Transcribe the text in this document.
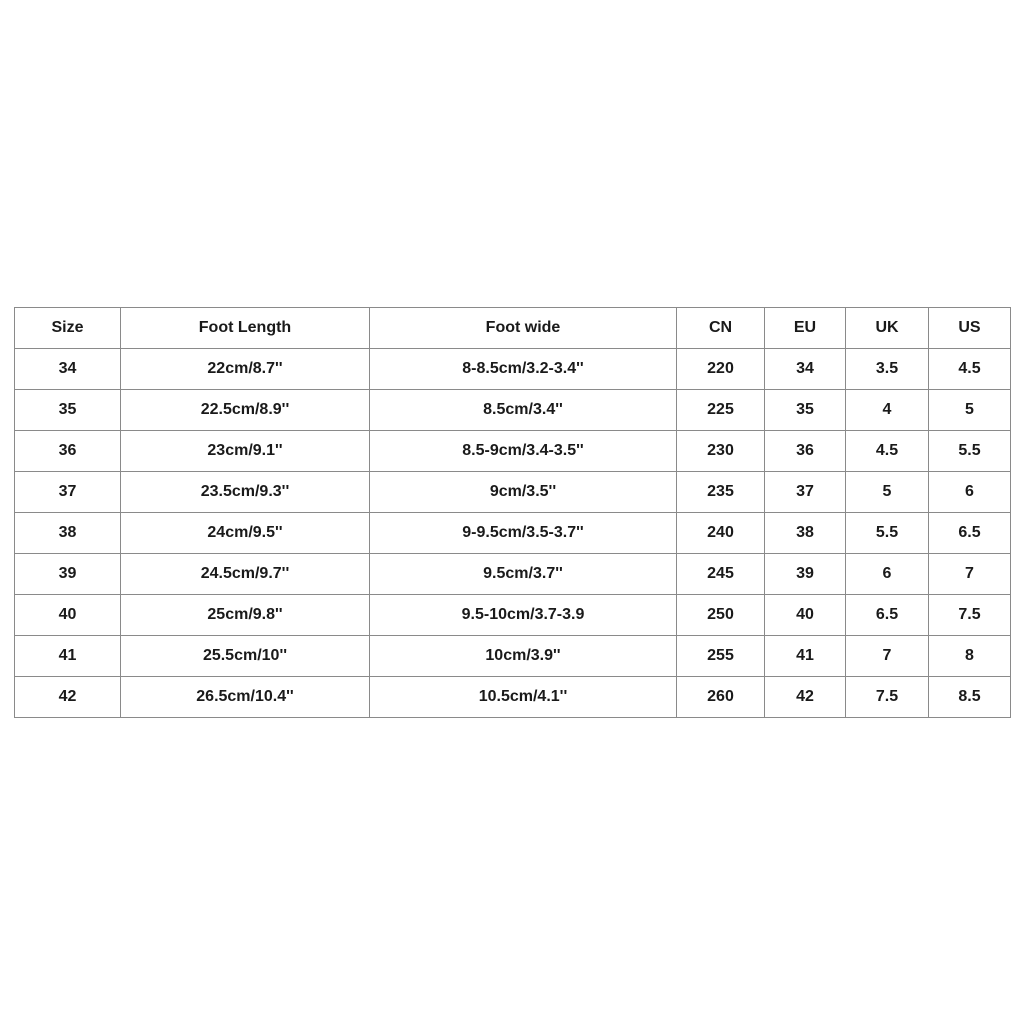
Size	Foot Length	Foot wide	CN	EU	UK	US
34	22cm/8.7''	8-8.5cm/3.2-3.4''	220	34	3.5	4.5
35	22.5cm/8.9''	8.5cm/3.4''	225	35	4	5
36	23cm/9.1''	8.5-9cm/3.4-3.5''	230	36	4.5	5.5
37	23.5cm/9.3''	9cm/3.5''	235	37	5	6
38	24cm/9.5''	9-9.5cm/3.5-3.7''	240	38	5.5	6.5
39	24.5cm/9.7''	9.5cm/3.7''	245	39	6	7
40	25cm/9.8''	9.5-10cm/3.7-3.9	250	40	6.5	7.5
41	25.5cm/10''	10cm/3.9''	255	41	7	8
42	26.5cm/10.4''	10.5cm/4.1''	260	42	7.5	8.5
